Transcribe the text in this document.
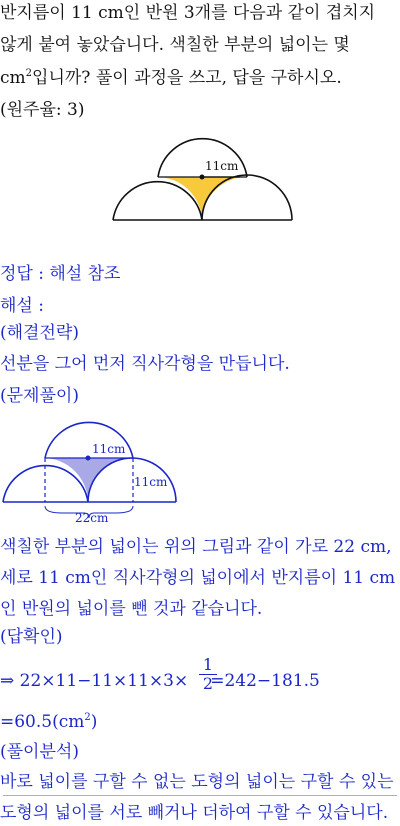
반지름이 11 cm인 반원 3개를 다음과 같이 겹치지
않게 붙여 놓았습니다. 색칠한 부분의 넓이는 몇
$cm^2$입니까? 풀이 과정을 쓰고, 답을 구하시오.
(원주율: 3)
11cm
정답 : 해설 참조
해설 :
(해결전략)
선분을 그어 먼저 직사각형을 만듭니다.
(문제풀이)
11cm
11cm
22cm
색칠한 부분의 넓이는 위의 그림과 같이 가로 22 cm,
세로 11 cm인 직사각형의 넓이에서 반지름이 11 cm
인 반원의 넓이를 뺀 것과 같습니다.
(답확인)
⇒ 22×11−11×11×3× =242−181.5
1
2
$=60.5(cm^2)$
(풀이분석)
바로 넓이를 구할 수 없는 도형의 넓이는 구할 수 있는
도형의 넓이를 서로 빼거나 더하여 구할 수 있습니다.
